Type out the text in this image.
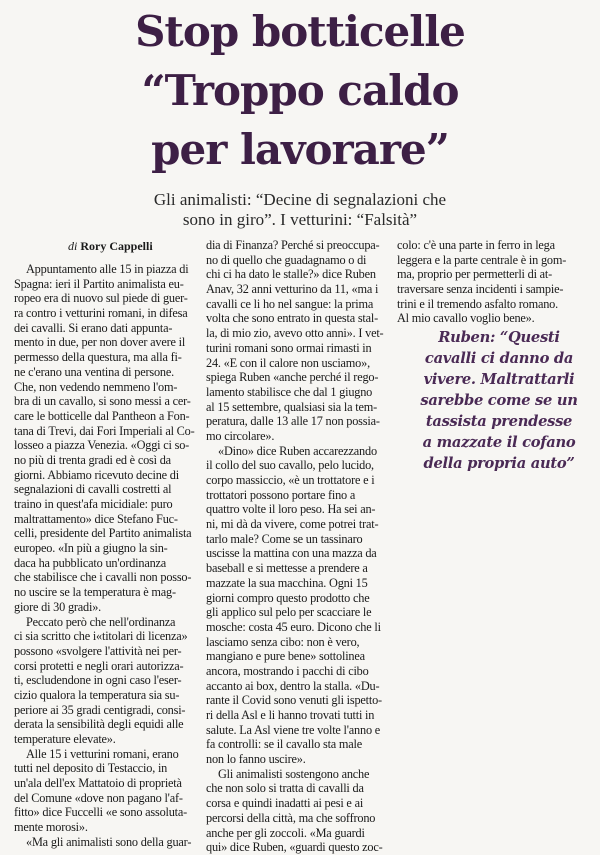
Stop botticelle
“Troppo caldo
per lavorare”
Gli animalisti: “Decine di segnalazioni che
sono in giro”. I vetturini: “Falsità”
di Rory Cappelli
Appuntamento alle 15 in piazza di
Spagna: ieri il Partito animalista eu-
ropeo era di nuovo sul piede di guer-
ra contro i vetturini romani, in difesa
dei cavalli. Si erano dati appunta-
mento in due, per non dover avere il
permesso della questura, ma alla fi-
ne c'erano una ventina di persone.
Che, non vedendo nemmeno l'om-
bra di un cavallo, si sono messi a cer-
care le botticelle dal Pantheon a Fon-
tana di Trevi, dai Fori Imperiali al Co-
losseo a piazza Venezia. «Oggi ci so-
no più di trenta gradi ed è così da
giorni. Abbiamo ricevuto decine di
segnalazioni di cavalli costretti al
traino in quest'afa micidiale: puro
maltrattamento» dice Stefano Fuc-
celli, presidente del Partito animalista
europeo. «In più a giugno la sin-
daca ha pubblicato un'ordinanza
che stabilisce che i cavalli non posso-
no uscire se la temperatura è mag-
giore di 30 gradi».
Peccato però che nell'ordinanza
ci sia scritto che i«titolari di licenza»
possono «svolgere l'attività nei per-
corsi protetti e negli orari autorizza-
ti, escludendone in ogni caso l'eser-
cizio qualora la temperatura sia su-
periore ai 35 gradi centigradi, consi-
derata la sensibilità degli equidi alle
temperature elevate».
Alle 15 i vetturini romani, erano
tutti nel deposito di Testaccio, in
un'ala dell'ex Mattatoio di proprietà
del Comune «dove non pagano l'af-
fitto» dice Fuccelli «e sono assoluta-
mente morosi».
«Ma gli animalisti sono della guar-
dia di Finanza? Perché si preoccupa-
no di quello che guadagnamo o di
chi ci ha dato le stalle?» dice Ruben
Anav, 32 anni vetturino da 11, «ma i
cavalli ce li ho nel sangue: la prima
volta che sono entrato in questa stal-
la, di mio zio, avevo otto anni». I vet-
turini romani sono ormai rimasti in
24. «E con il calore non usciamo»,
spiega Ruben «anche perché il rego-
lamento stabilisce che dal 1 giugno
al 15 settembre, qualsiasi sia la tem-
peratura, dalle 13 alle 17 non possia-
mo circolare».
«Dino» dice Ruben accarezzando
il collo del suo cavallo, pelo lucido,
corpo massiccio, «è un trottatore e i
trottatori possono portare fino a
quattro volte il loro peso. Ha sei an-
ni, mi dà da vivere, come potrei trat-
tarlo male? Come se un tassinaro
uscisse la mattina con una mazza da
baseball e si mettesse a prendere a
mazzate la sua macchina. Ogni 15
giorni compro questo prodotto che
gli applico sul pelo per scacciare le
mosche: costa 45 euro. Dicono che li
lasciamo senza cibo: non è vero,
mangiano e pure bene» sottolinea
ancora, mostrando i pacchi di cibo
accanto ai box, dentro la stalla. «Du-
rante il Covid sono venuti gli ispetto-
ri della Asl e li hanno trovati tutti in
salute. La Asl viene tre volte l'anno e
fa controlli: se il cavallo sta male
non lo fanno uscire».
Gli animalisti sostengono anche
che non solo si tratta di cavalli da
corsa e quindi inadatti ai pesi e ai
percorsi della città, ma che soffrono
anche per gli zoccoli. «Ma guardi
qui» dice Ruben, «guardi questo zoc-
colo: c'è una parte in ferro in lega
leggera e la parte centrale è in gom-
ma, proprio per permetterli di at-
traversare senza incidenti i sampie-
trini e il tremendo asfalto romano.
Al mio cavallo voglio bene».
Ruben: “Questi
cavalli ci danno da
vivere. Maltrattarli
sarebbe come se un
tassista prendesse
a mazzate il cofano
della propria auto”
